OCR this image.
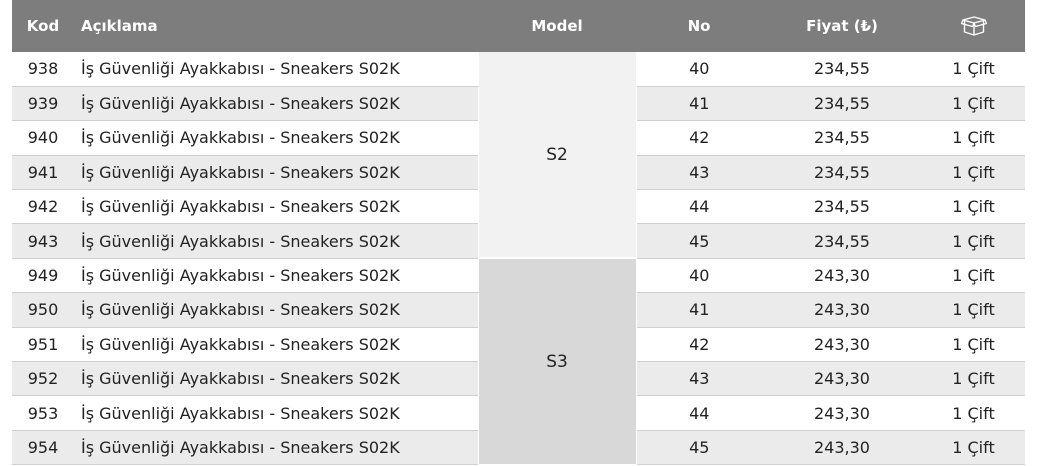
Kod	Açıklama	Model	No	Fiyat (₺)	
938	İş Güvenliği Ayakkabısı - Sneakers S02K	S2	40	234,55	1 Çift
939	İş Güvenliği Ayakkabısı - Sneakers S02K		41	234,55	1 Çift
940	İş Güvenliği Ayakkabısı - Sneakers S02K		42	234,55	1 Çift
941	İş Güvenliği Ayakkabısı - Sneakers S02K		43	234,55	1 Çift
942	İş Güvenliği Ayakkabısı - Sneakers S02K		44	234,55	1 Çift
943	İş Güvenliği Ayakkabısı - Sneakers S02K		45	234,55	1 Çift
949	İş Güvenliği Ayakkabısı - Sneakers S02K	S3	40	243,30	1 Çift
950	İş Güvenliği Ayakkabısı - Sneakers S02K		41	243,30	1 Çift
951	İş Güvenliği Ayakkabısı - Sneakers S02K		42	243,30	1 Çift
952	İş Güvenliği Ayakkabısı - Sneakers S02K		43	243,30	1 Çift
953	İş Güvenliği Ayakkabısı - Sneakers S02K		44	243,30	1 Çift
954	İş Güvenliği Ayakkabısı - Sneakers S02K		45	243,30	1 Çift
